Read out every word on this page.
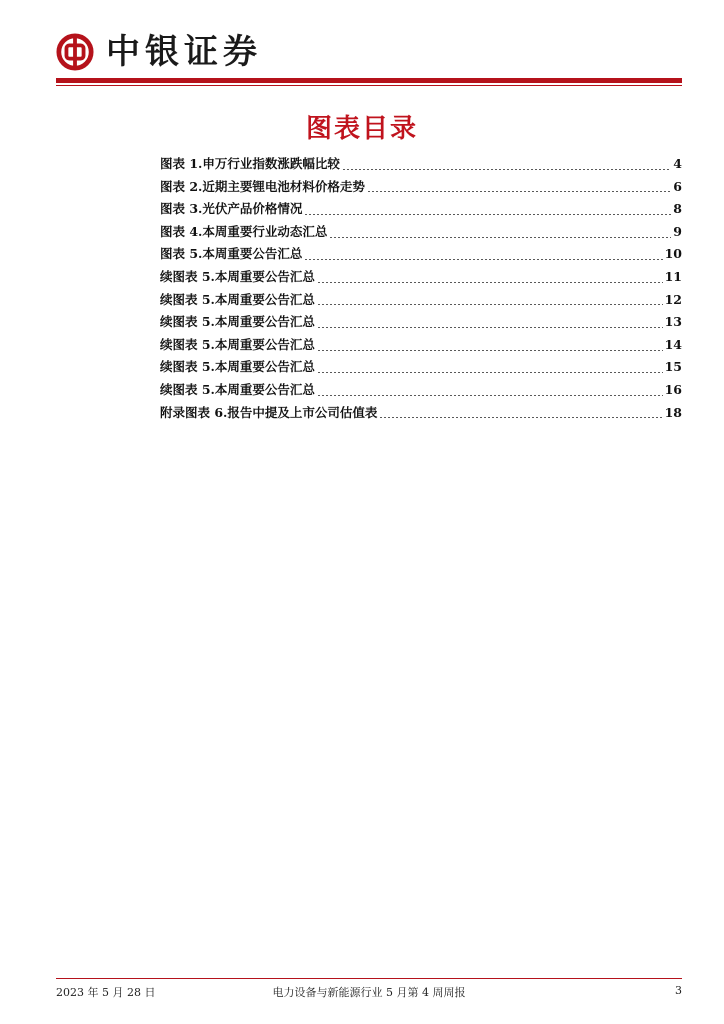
中银证券
图表目录
图表 1.申万行业指数涨跌幅比较	4
图表 2.近期主要锂电池材料价格走势	6
图表 3.光伏产品价格情况	8
图表 4.本周重要行业动态汇总	9
图表 5.本周重要公告汇总	10
续图表 5.本周重要公告汇总	11
续图表 5.本周重要公告汇总	12
续图表 5.本周重要公告汇总	13
续图表 5.本周重要公告汇总	14
续图表 5.本周重要公告汇总	15
续图表 5.本周重要公告汇总	16
附录图表 6.报告中提及上市公司估值表	18
2023 年 5 月 28 日	电力设备与新能源行业 5 月第 4 周周报	3
